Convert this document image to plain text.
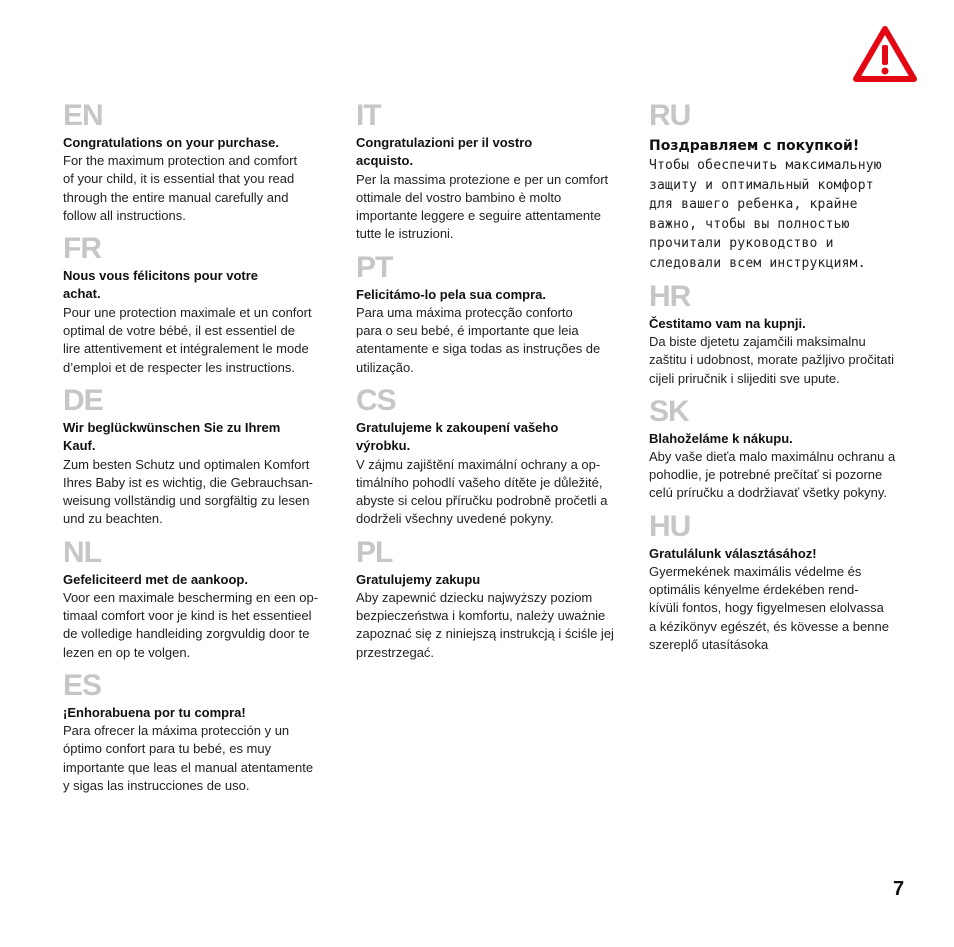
EN
Congratulations on your purchase.
For the maximum protection and comfort
of your child, it is essential that you read
through the entire manual carefully and
follow all instructions.
FR
Nous vous félicitons pour votre
achat.
Pour une protection maximale et un confort
optimal de votre bébé, il est essentiel de
lire attentivement et intégralement le mode
d’emploi et de respecter les instructions.
DE
Wir beglückwünschen Sie zu Ihrem
Kauf.
Zum besten Schutz und optimalen Komfort
Ihres Baby ist es wichtig, die Gebrauchsan-
weisung vollständig und sorgfältig zu lesen
und zu beachten.
NL
Gefeliciteerd met de aankoop.
Voor een maximale bescherming en een op-
timaal comfort voor je kind is het essentieel
de volledige handleiding zorgvuldig door te
lezen en op te volgen.
ES
¡Enhorabuena por tu compra!
Para ofrecer la máxima protección y un
óptimo confort para tu bebé, es muy
importante que leas el manual atentamente
y sigas las instrucciones de uso.
IT
Congratulazioni per il vostro
acquisto.
Per la massima protezione e per un comfort
ottimale del vostro bambino è molto
importante leggere e seguire attentamente
tutte le istruzioni.
PT
Felicitámo-lo pela sua compra.
Para uma máxima protecção conforto
para o seu bebé, é importante que leia
atentamente e siga todas as instruções de
utilização.
CS
Gratulujeme k zakoupení vašeho
výrobku.
V zájmu zajištění maximální ochrany a op-
timálního pohodlí vašeho dítěte je důležité,
abyste si celou příručku podrobně pročetli a
dodrželi všechny uvedené pokyny.
PL
Gratulujemy zakupu
Aby zapewnić dziecku najwyższy poziom
bezpieczeństwa i komfortu, należy uważnie
zapoznać się z niniejszą instrukcją i ściśle jej
przestrzegać.
RU
Поздравляем с покупкой!
Чтобы обеспечить максимальную
защиту и оптимальный комфорт
для вашего ребенка, крайне
важно, чтобы вы полностью
прочитали руководство и
следовали всем инструкциям.
HR
Čestitamo vam na kupnji.
Da biste djetetu zajamčili maksimalnu
zaštitu i udobnost, morate pažljivo pročitati
cijeli priručnik i slijediti sve upute.
SK
Blahoželáme k nákupu.
Aby vaše dieťa malo maximálnu ochranu a
pohodlie, je potrebné prečítať si pozorne
celú príručku a dodržiavať všetky pokyny.
HU
Gratulálunk választásához!
Gyermekének maximális védelme és
optimális kényelme érdekében rend-
kívüli fontos, hogy figyelmesen elolvassa
a kézikönyv egészét, és kövesse a benne
szereplő utasításoka
7
